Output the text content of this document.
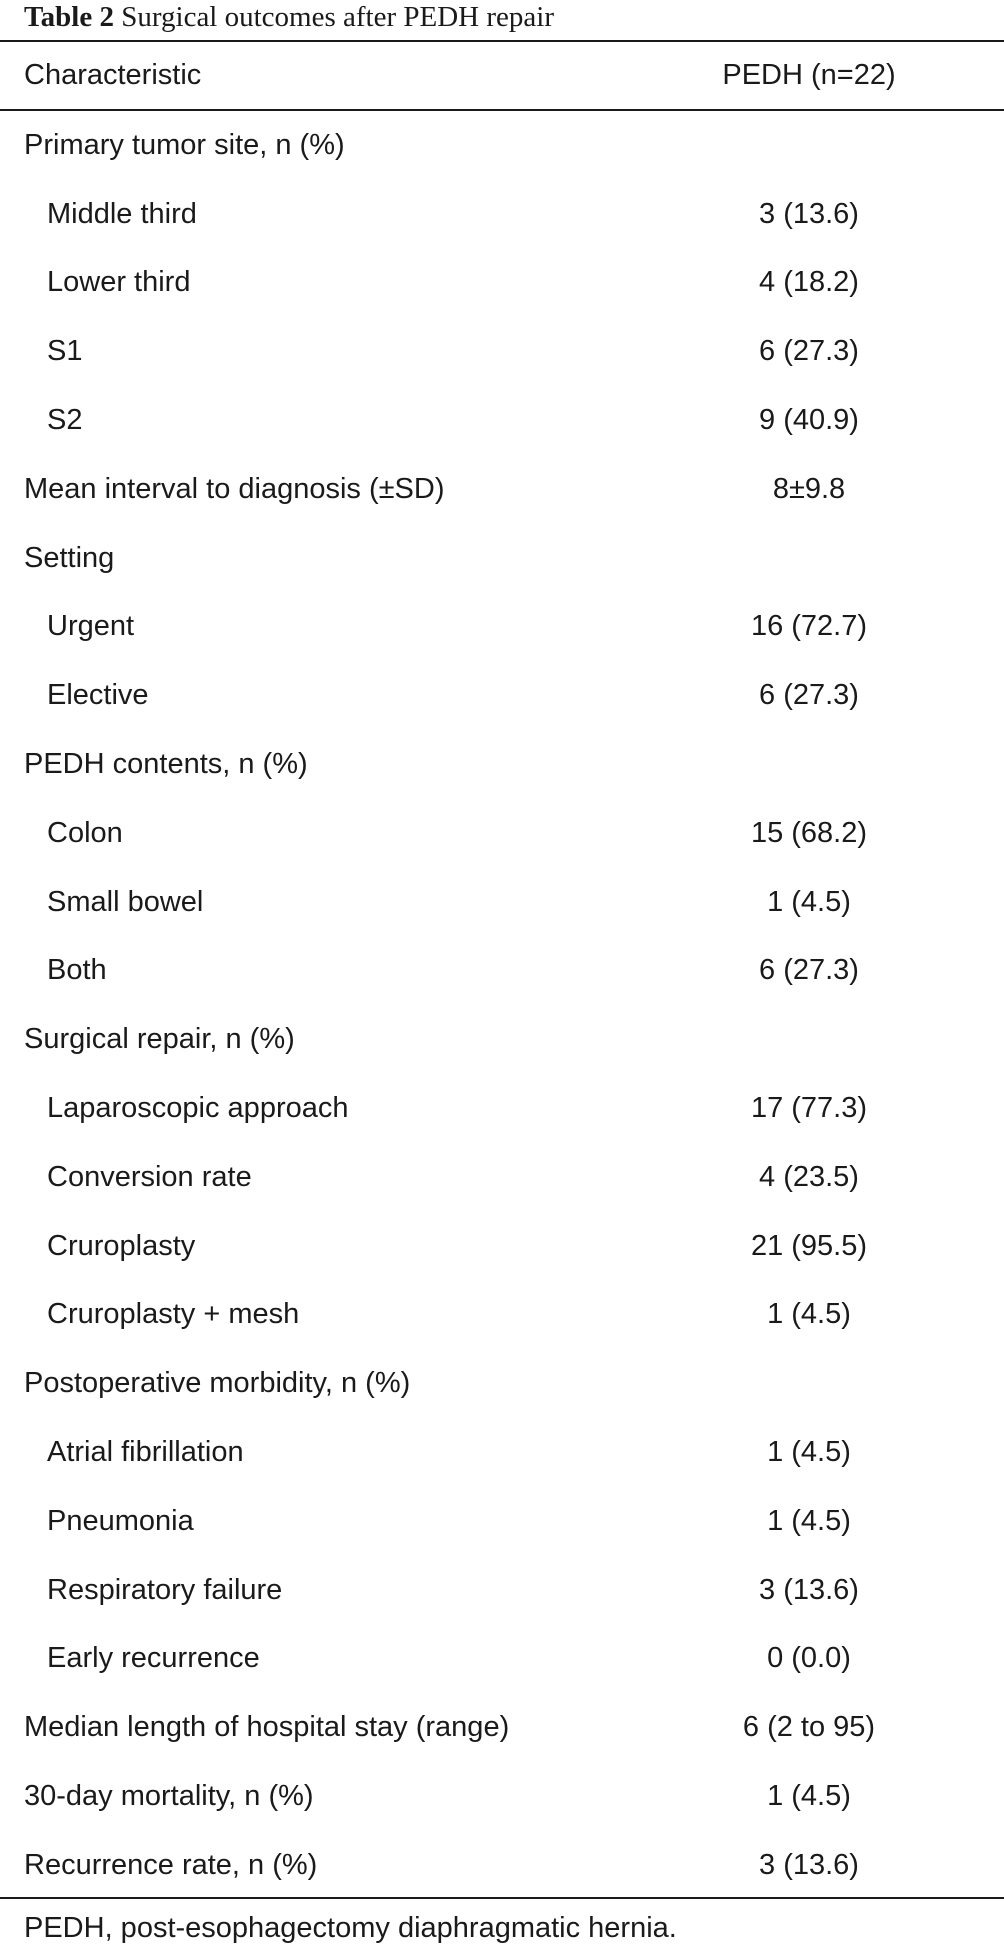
Table 2 Surgical outcomes after PEDH repair
Characteristic	PEDH (n=22)
Primary tumor site, n (%)
Middle third	3 (13.6)
Lower third	4 (18.2)
S1	6 (27.3)
S2	9 (40.9)
Mean interval to diagnosis (±SD)	8±9.8
Setting
Urgent	16 (72.7)
Elective	6 (27.3)
PEDH contents, n (%)
Colon	15 (68.2)
Small bowel	1 (4.5)
Both	6 (27.3)
Surgical repair, n (%)
Laparoscopic approach	17 (77.3)
Conversion rate	4 (23.5)
Cruroplasty	21 (95.5)
Cruroplasty + mesh	1 (4.5)
Postoperative morbidity, n (%)
Atrial fibrillation	1 (4.5)
Pneumonia	1 (4.5)
Respiratory failure	3 (13.6)
Early recurrence	0 (0.0)
Median length of hospital stay (range)	6 (2 to 95)
30-day mortality, n (%)	1 (4.5)
Recurrence rate, n (%)	3 (13.6)
PEDH, post-esophagectomy diaphragmatic hernia.
